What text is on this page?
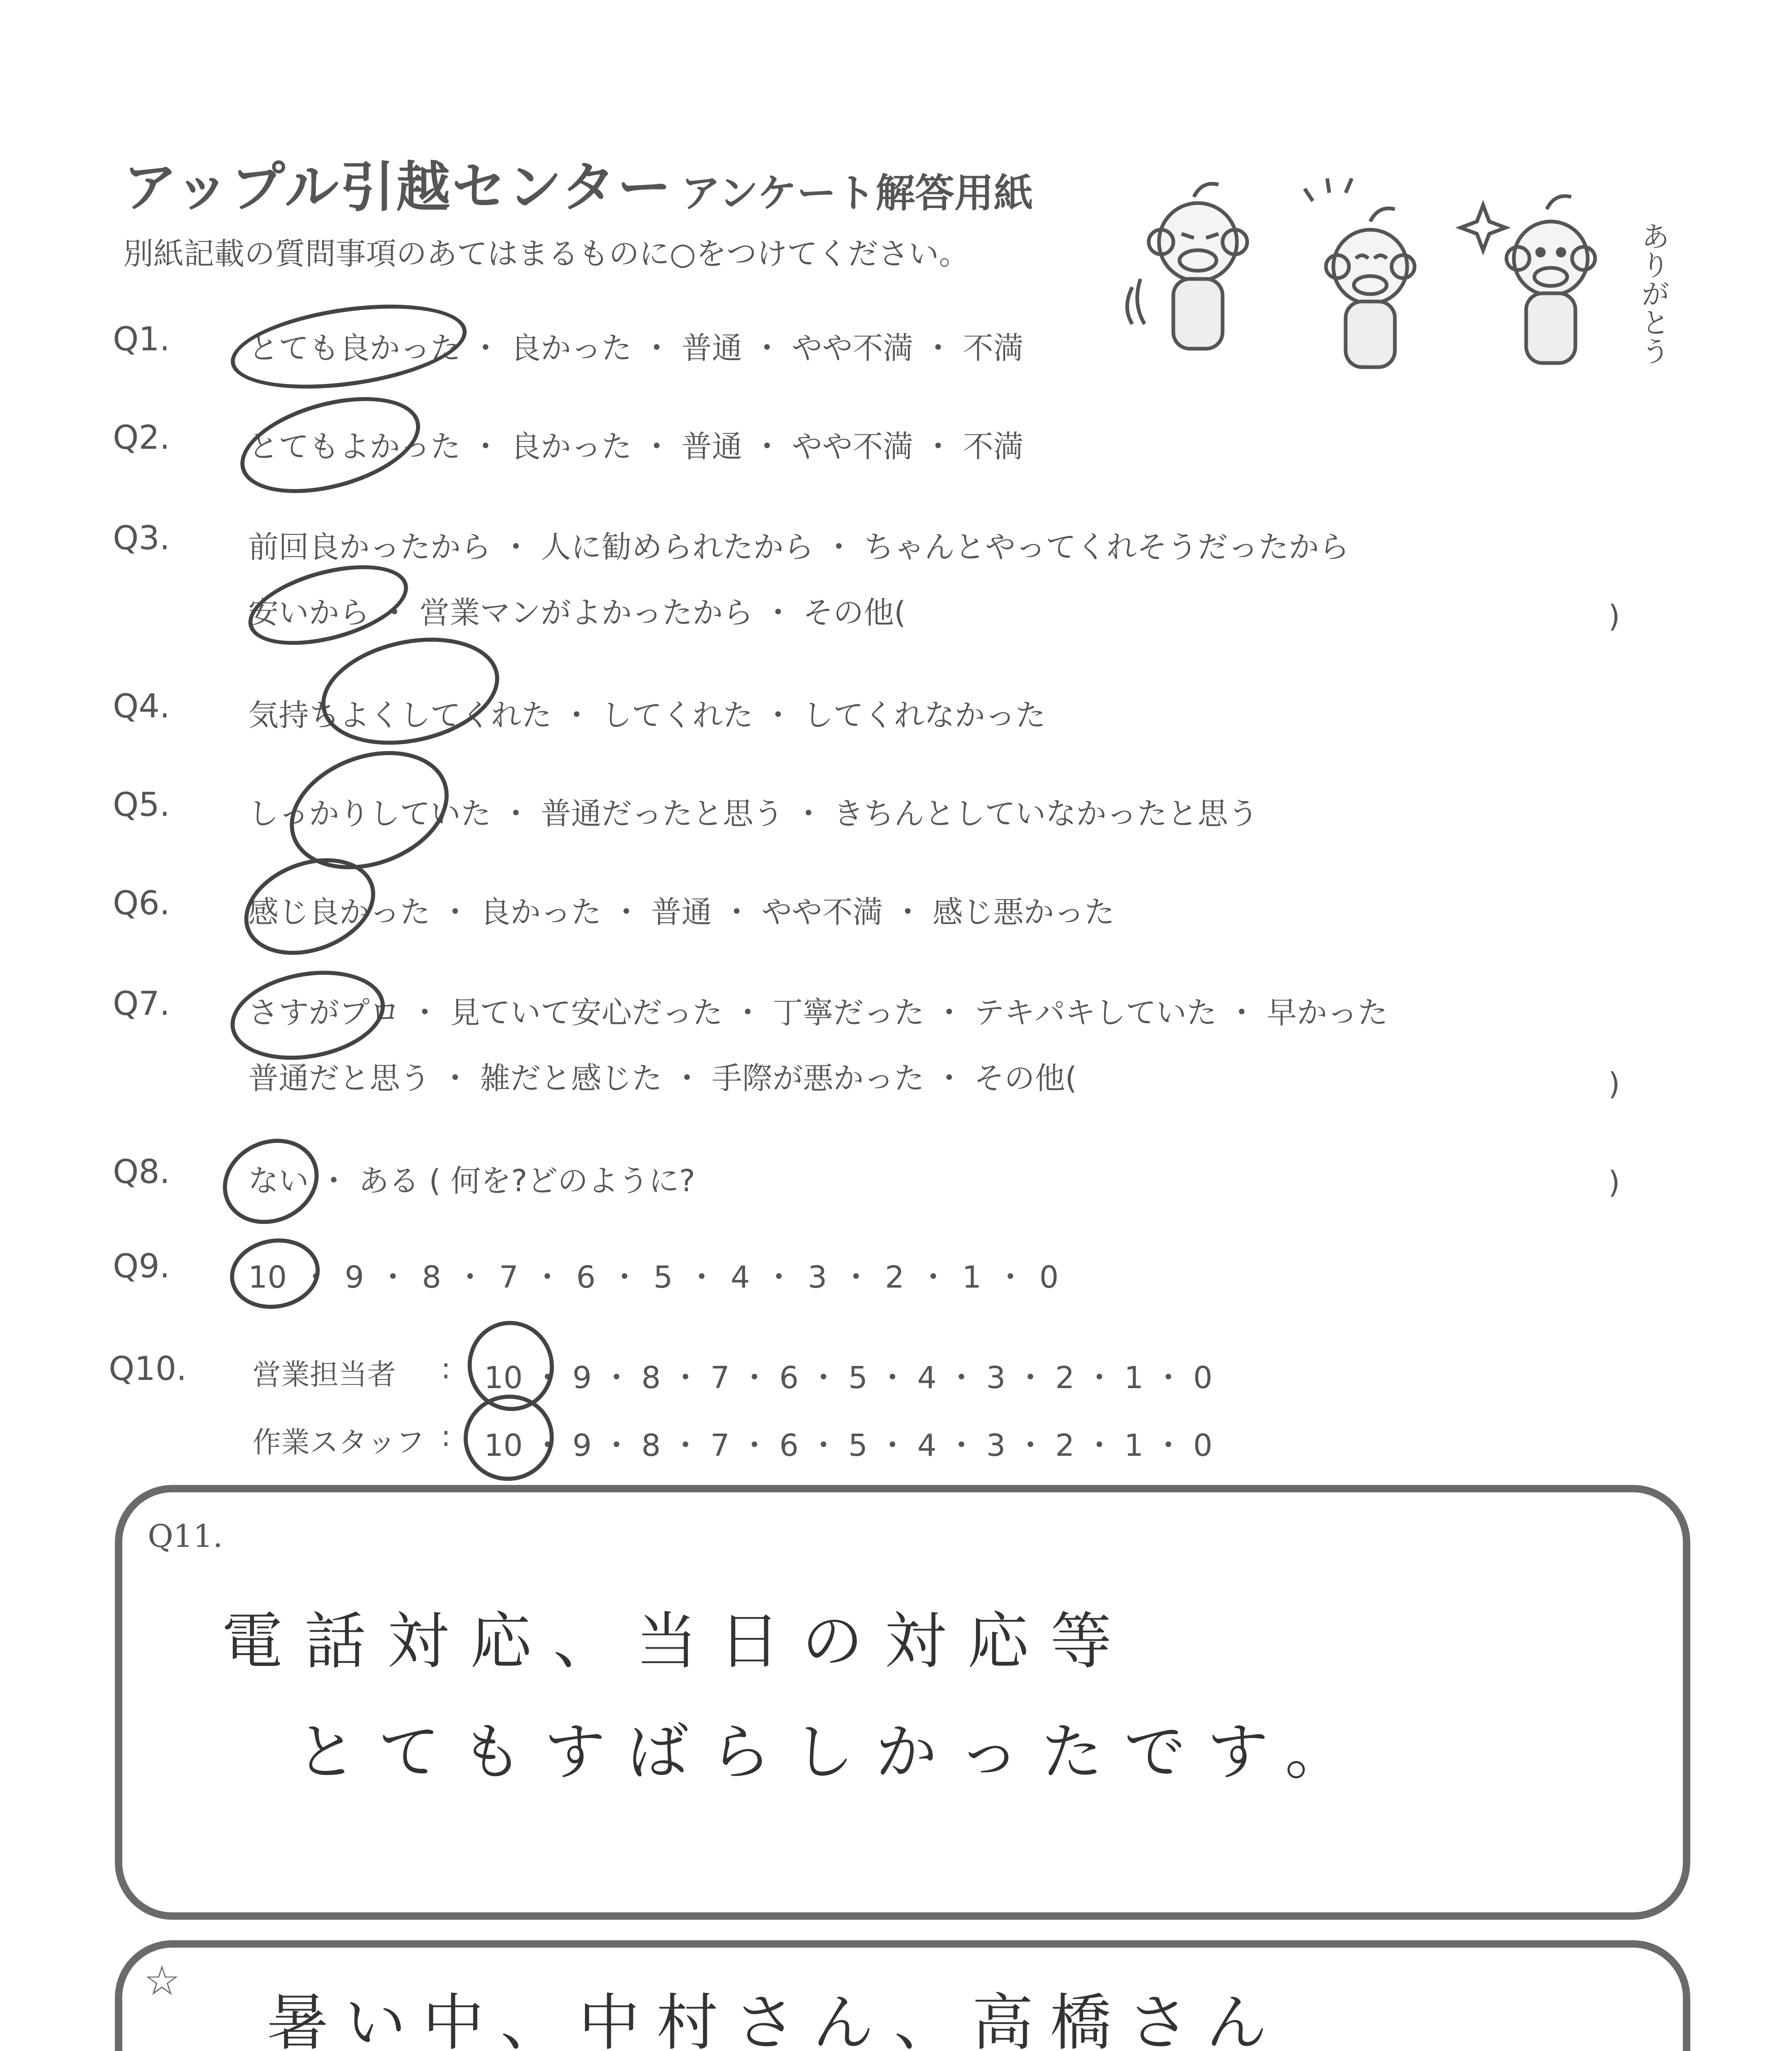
アップル引越センター アンケート解答用紙
別紙記載の質問事項のあてはまるものに○をつけてください。	ありがとう
Q1.	とても良かった ・ 良かった ・ 普通 ・ やや不満 ・ 不満
Q2.	とてもよかった ・ 良かった ・ 普通 ・ やや不満 ・ 不満
Q3.	前回良かったから ・ 人に勧められたから ・ ちゃんとやってくれそうだったから
安いから ・ 営業マンがよかったから ・ その他(	)
Q4.	気持ちよくしてくれた ・ してくれた ・ してくれなかった
Q5.	しっかりしていた ・ 普通だったと思う ・ きちんとしていなかったと思う
Q6.	感じ良かった ・ 良かった ・ 普通 ・ やや不満 ・ 感じ悪かった
Q7.	さすがプロ ・ 見ていて安心だった ・ 丁寧だった ・ テキパキしていた ・ 早かった
普通だと思う ・ 雑だと感じた ・ 手際が悪かった ・ その他(	)
Q8.	ない ・ ある ( 何を?どのように?	)
Q9.	10 ・ 9 ・ 8 ・ 7 ・ 6 ・ 5 ・ 4 ・ 3 ・ 2 ・ 1 ・ 0
Q10. 営業担当者 : 10 ・ 9 ・ 8 ・ 7 ・ 6 ・ 5 ・ 4 ・ 3 ・ 2 ・ 1 ・ 0
作業スタッフ : 10 ・ 9 ・ 8 ・ 7 ・ 6 ・ 5 ・ 4 ・ 3 ・ 2 ・ 1 ・ 0
Q11.
電話対応、当日の対応等
とてもすばらしかったです。
☆
暑い中、中村さん、高橋さん
